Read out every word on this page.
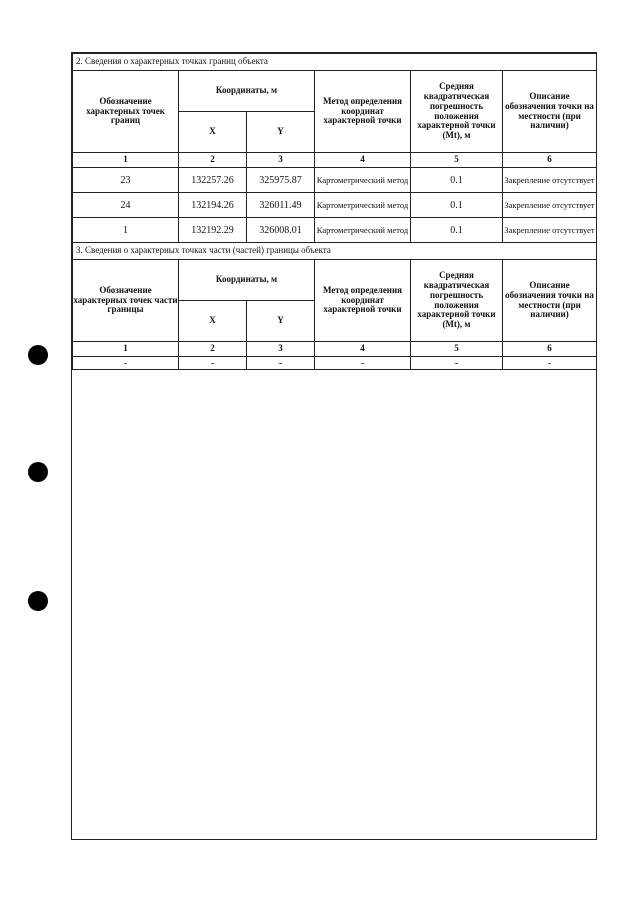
2. Сведения о характерных точках границ объекта					
Обозначение характерных точек границ	Координаты, м		Метод определения координат характерной точки	Средняя квадратическая погрешность положения характерной точки (Mt), м	Описание обозначения точки на местности (при наличии)
	X	Y			
1	2	3	4	5	6
23	132257.26	325975.87	Картометрический метод	0.1	Закрепление отсутствует
24	132194.26	326011.49	Картометрический метод	0.1	Закрепление отсутствует
1	132192.29	326008.01	Картометрический метод	0.1	Закрепление отсутствует
3. Сведения о характерных точках части (частей) границы объекта					
Обозначение характерных точек части границы	Координаты, м		Метод определения координат характерной точки	Средняя квадратическая погрешность положения характерной точки (Mt), м	Описание обозначения точки на местности (при наличии)
	X	Y			
1	2	3	4	5	6
-	-	-	-	-	-
